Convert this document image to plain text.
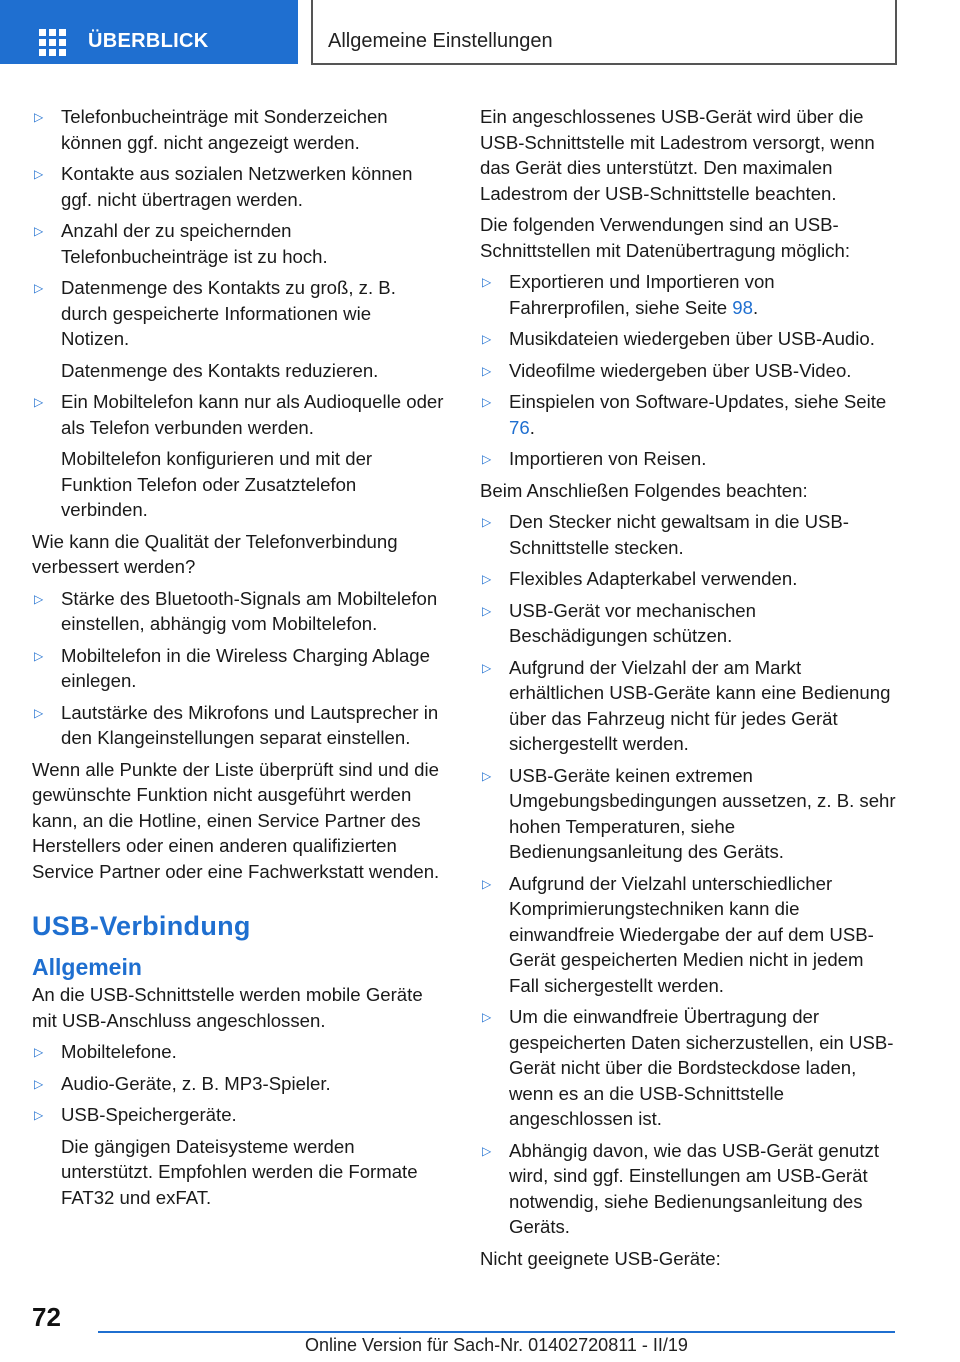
ÜBERBLICK	Allgemeine Einstellungen
▷ Telefonbucheinträge mit Sonderzeichen können ggf. nicht angezeigt werden.
▷ Kontakte aus sozialen Netzwerken können ggf. nicht übertragen werden.
▷ Anzahl der zu speichernden Telefonbucheinträge ist zu hoch.
▷ Datenmenge des Kontakts zu groß, z. B. durch gespeicherte Informationen wie Notizen.
Datenmenge des Kontakts reduzieren.
▷ Ein Mobiltelefon kann nur als Audioquelle oder als Telefon verbunden werden.
Mobiltelefon konfigurieren und mit der Funktion Telefon oder Zusatztelefon verbinden.

Wie kann die Qualität der Telefonverbindung verbessert werden?

▷ Stärke des Bluetooth-Signals am Mobiltelefon einstellen, abhängig vom Mobiltelefon.
▷ Mobiltelefon in die Wireless Charging Ablage einlegen.
▷ Lautstärke des Mikrofons und Lautsprecher in den Klangeinstellungen separat einstellen.

Wenn alle Punkte der Liste überprüft sind und die gewünschte Funktion nicht ausgeführt werden kann, an die Hotline, einen Service Partner des Herstellers oder einen anderen qualifizierten Service Partner oder eine Fachwerkstatt wenden.

USB-Verbindung
Allgemein

An die USB-Schnittstelle werden mobile Geräte mit USB-Anschluss angeschlossen.

▷ Mobiltelefone.
▷ Audio-Geräte, z. B. MP3-Spieler.
▷ USB-Speichergeräte.
Die gängigen Dateisysteme werden unterstützt. Empfohlen werden die Formate FAT32 und exFAT.

Ein angeschlossenes USB-Gerät wird über die USB-Schnittstelle mit Ladestrom versorgt, wenn das Gerät dies unterstützt. Den maximalen Ladestrom der USB-Schnittstelle beachten.

Die folgenden Verwendungen sind an USB-Schnittstellen mit Datenübertragung möglich:

▷ Exportieren und Importieren von Fahrerprofilen, siehe Seite 98.
▷ Musikdateien wiedergeben über USB-Audio.
▷ Videofilme wiedergeben über USB-Video.
▷ Einspielen von Software-Updates, siehe Seite 76.
▷ Importieren von Reisen.

Beim Anschließen Folgendes beachten:

▷ Den Stecker nicht gewaltsam in die USB-Schnittstelle stecken.
▷ Flexibles Adapterkabel verwenden.
▷ USB-Gerät vor mechanischen Beschädigungen schützen.
▷ Aufgrund der Vielzahl der am Markt erhältlichen USB-Geräte kann eine Bedienung über das Fahrzeug nicht für jedes Gerät sichergestellt werden.
▷ USB-Geräte keinen extremen Umgebungsbedingungen aussetzen, z. B. sehr hohen Temperaturen, siehe Bedienungsanleitung des Geräts.
▷ Aufgrund der Vielzahl unterschiedlicher Komprimierungstechniken kann die einwandfreie Wiedergabe der auf dem USB-Gerät gespeicherten Medien nicht in jedem Fall sichergestellt werden.
▷ Um die einwandfreie Übertragung der gespeicherten Daten sicherzustellen, ein USB-Gerät nicht über die Bordsteckdose laden, wenn es an die USB-Schnittstelle angeschlossen ist.
▷ Abhängig davon, wie das USB-Gerät genutzt wird, sind ggf. Einstellungen am USB-Gerät notwendig, siehe Bedienungsanleitung des Geräts.

Nicht geeignete USB-Geräte:

72
Online Version für Sach-Nr. 01402720811 - II/19
